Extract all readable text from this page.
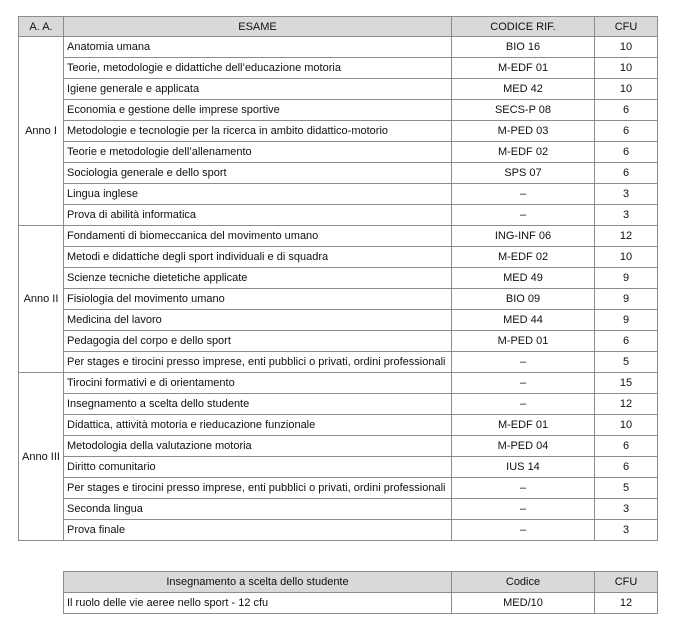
A. A.	ESAME	CODICE RIF.	CFU
Anno I	Anatomia umana	BIO 16	10
	Teorie, metodologie e didattiche dell’educazione motoria	M-EDF 01	10
	Igiene generale e applicata	MED 42	10
	Economia e gestione delle imprese sportive	SECS-P 08	6
	Metodologie e tecnologie per la ricerca in ambito didattico-motorio	M-PED 03	6
	Teorie e metodologie dell’allenamento	M-EDF 02	6
	Sociologia generale e dello sport	SPS 07	6
	Lingua inglese	–	3
	Prova di abilità informatica	–	3
Anno II	Fondamenti di biomeccanica del movimento umano	ING-INF 06	12
	Metodi e didattiche degli sport individuali e di squadra	M-EDF 02	10
	Scienze tecniche dietetiche applicate	MED 49	9
	Fisiologia del movimento umano	BIO 09	9
	Medicina del lavoro	MED 44	9
	Pedagogia del corpo e dello sport	M-PED 01	6
	Per stages e tirocini presso imprese, enti pubblici o privati, ordini professionali	–	5
Anno III	Tirocini formativi e di orientamento	–	15
	Insegnamento a scelta dello studente	–	12
	Didattica, attività motoria e rieducazione funzionale	M-EDF 01	10
	Metodologia della valutazione motoria	M-PED 04	6
	Diritto comunitario	IUS 14	6
	Per stages e tirocini presso imprese, enti pubblici o privati, ordini professionali	–	5
	Seconda lingua	–	3
	Prova finale	–	3
Insegnamento a scelta dello studente	Codice	CFU
Il ruolo delle vie aeree nello sport - 12 cfu	MED/10	12
